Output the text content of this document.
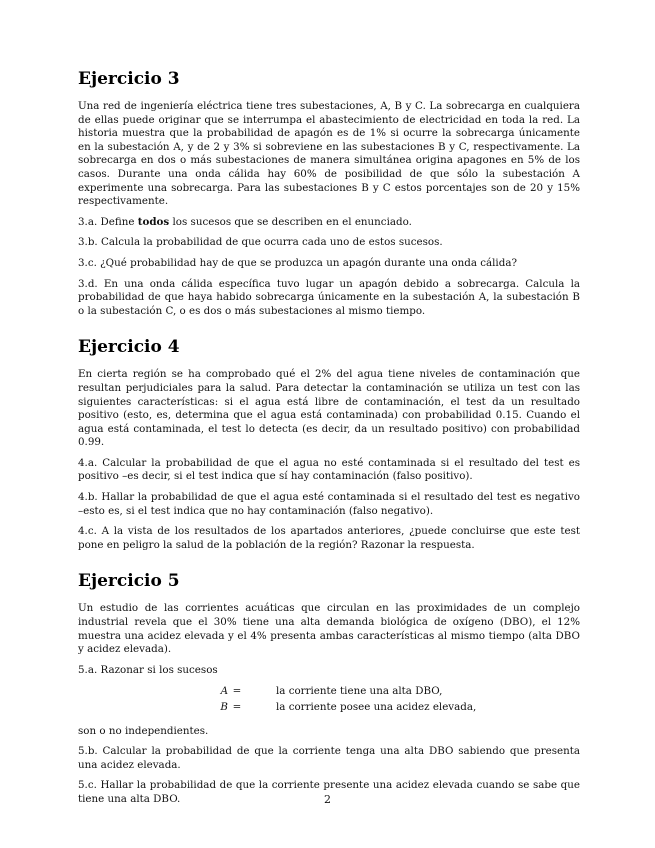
Ejercicio 3

Una red de ingeniería eléctrica tiene tres subestaciones, A, B y C. La sobrecarga en cualquiera de ellas puede originar que se interrumpa el abastecimiento de electricidad en toda la red. La historia muestra que la probabilidad de apagón es de 1% si ocurre la sobrecarga únicamente en la subestación A, y de 2 y 3% si sobreviene en las subestaciones B y C, respectivamente. La sobrecarga en dos o más subestaciones de manera simultánea origina apagones en 5% de los casos. Durante una onda cálida hay 60% de posibilidad de que sólo la subestación A experimente una sobrecarga. Para las subestaciones B y C estos porcentajes son de 20 y 15% respectivamente.

3.a. Define todos los sucesos que se describen en el enunciado.

3.b. Calcula la probabilidad de que ocurra cada uno de estos sucesos.

3.c. ¿Qué probabilidad hay de que se produzca un apagón durante una onda cálida?

3.d. En una onda cálida específica tuvo lugar un apagón debido a sobrecarga. Calcula la probabilidad de que haya habido sobrecarga únicamente en la subestación A, la subestación B o la subestación C, o es dos o más subestaciones al mismo tiempo.

Ejercicio 4

En cierta región se ha comprobado qué el 2% del agua tiene niveles de contaminación que resultan perjudiciales para la salud. Para detectar la contaminación se utiliza un test con las siguientes características: si el agua está libre de contaminación, el test da un resultado positivo (esto, es, determina que el agua está contaminada) con probabilidad 0.15. Cuando el agua está contaminada, el test lo detecta (es decir, da un resultado positivo) con probabilidad 0.99.

4.a. Calcular la probabilidad de que el agua no esté contaminada si el resultado del test es positivo –es decir, si el test indica que sí hay contaminación (falso positivo).

4.b. Hallar la probabilidad de que el agua esté contaminada si el resultado del test es negativo –esto es, si el test indica que no hay contaminación (falso negativo).

4.c. A la vista de los resultados de los apartados anteriores, ¿puede concluirse que este test pone en peligro la salud de la población de la región? Razonar la respuesta.

Ejercicio 5

Un estudio de las corrientes acuáticas que circulan en las proximidades de un complejo industrial revela que el 30% tiene una alta demanda biológica de oxígeno (DBO), el 12% muestra una acidez elevada y el 4% presenta ambas características al mismo tiempo (alta DBO y acidez elevada).

5.a. Razonar si los sucesos

A =	la corriente tiene una alta DBO,
B =	la corriente posee una acidez elevada,

son o no independientes.

5.b. Calcular la probabilidad de que la corriente tenga una alta DBO sabiendo que presenta una acidez elevada.

5.c. Hallar la probabilidad de que la corriente presente una acidez elevada cuando se sabe que tiene una alta DBO.	2
